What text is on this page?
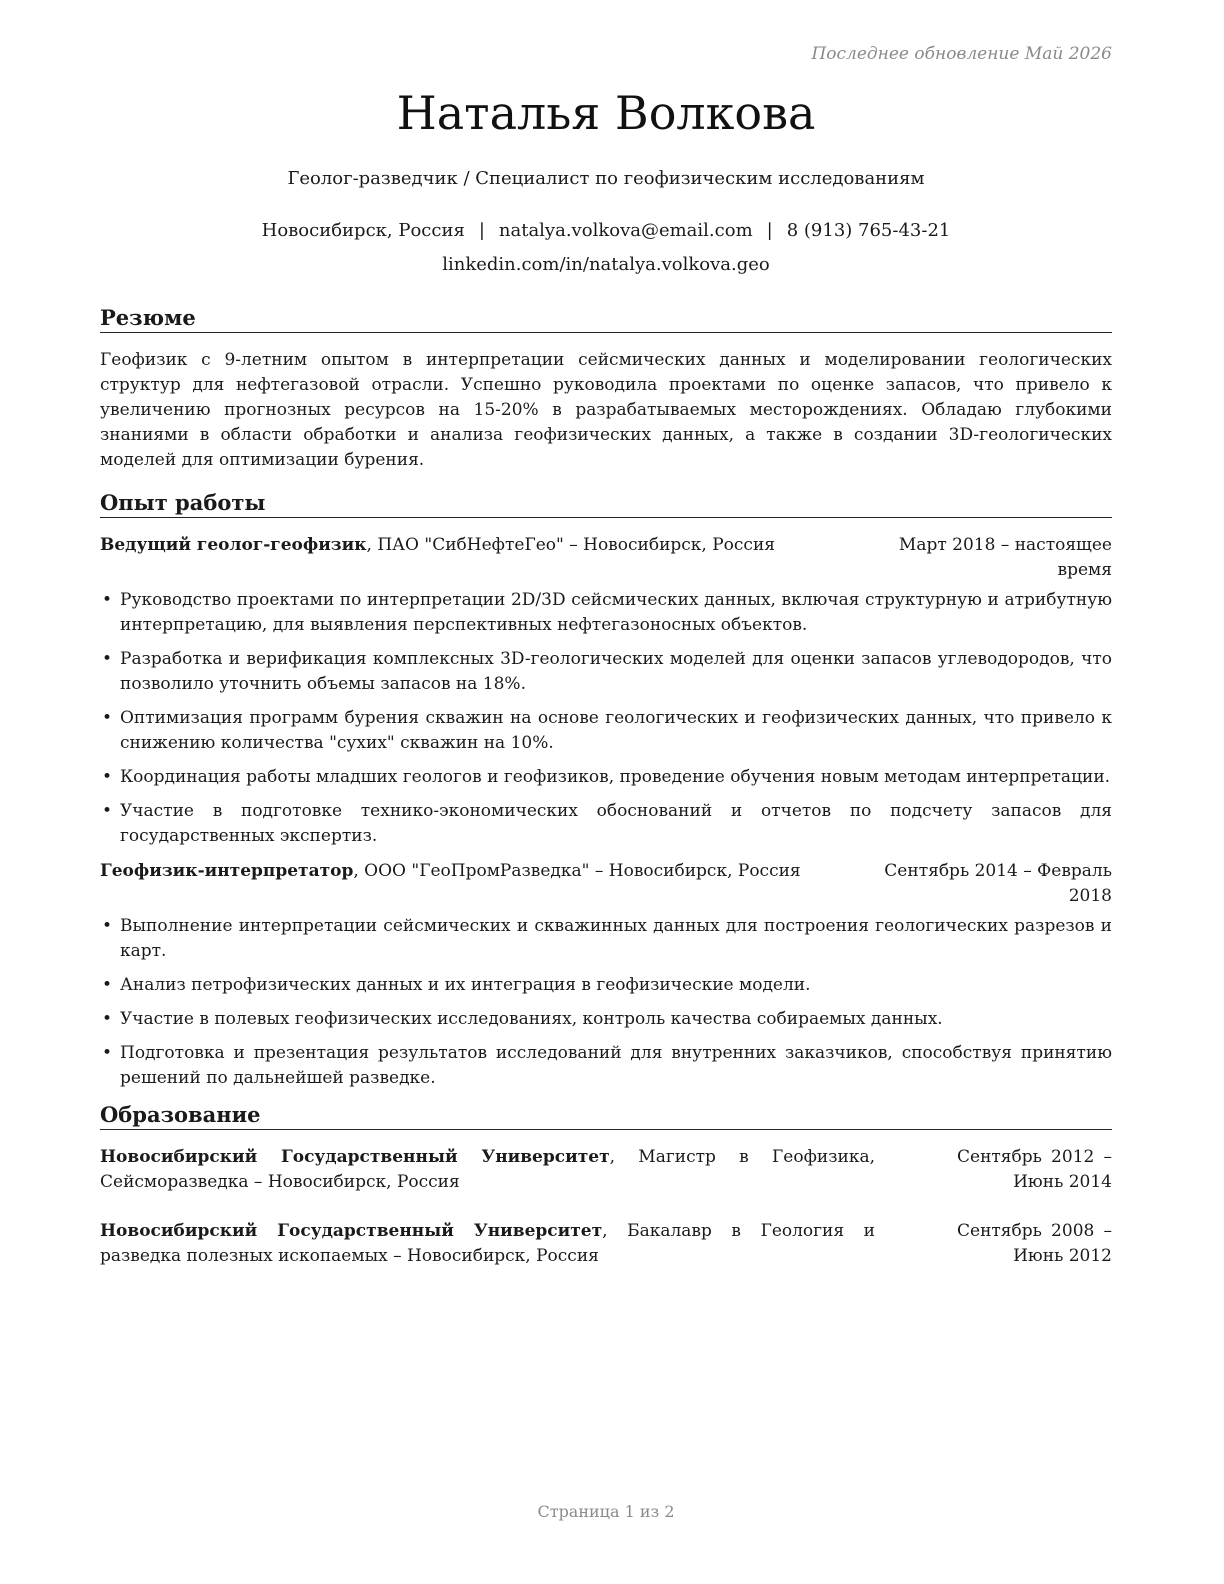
Последнее обновление Май 2026
Наталья Волкова
Геолог-разведчик / Специалист по геофизическим исследованиям
Новосибирск, Россия | natalya.volkova@email.com | 8 (913) 765-43-21
linkedin.com/in/natalya.volkova.geo
Резюме
Геофизик с 9-летним опытом в интерпретации сейсмических данных и моделировании геологических структур для нефтегазовой отрасли. Успешно руководила проектами по оценке запасов, что привело к увеличению прогнозных ресурсов на 15-20% в разрабатываемых месторождениях. Обладаю глубокими знаниями в области обработки и анализа геофизических данных, а также в создании 3D-геологических моделей для оптимизации бурения.
Опыт работы
Ведущий геолог-геофизик, ПАО "СибНефтеГео" – Новосибирск, Россия	Март 2018 – настоящее время
• Руководство проектами по интерпретации 2D/3D сейсмических данных, включая структурную и атрибутную интерпретацию, для выявления перспективных нефтегазоносных объектов.
• Разработка и верификация комплексных 3D-геологических моделей для оценки запасов углеводородов, что позволило уточнить объемы запасов на 18%.
• Оптимизация программ бурения скважин на основе геологических и геофизических данных, что привело к снижению количества "сухих" скважин на 10%.
• Координация работы младших геологов и геофизиков, проведение обучения новым методам интерпретации.
• Участие в подготовке технико-экономических обоснований и отчетов по подсчету запасов для государственных экспертиз.
Геофизик-интерпретатор, ООО "ГеоПромРазведка" – Новосибирск, Россия	Сентябрь 2014 – Февраль 2018
• Выполнение интерпретации сейсмических и скважинных данных для построения геологических разрезов и карт.
• Анализ петрофизических данных и их интеграция в геофизические модели.
• Участие в полевых геофизических исследованиях, контроль качества собираемых данных.
• Подготовка и презентация результатов исследований для внутренних заказчиков, способствуя принятию решений по дальнейшей разведке.
Образование
Новосибирский Государственный Университет, Магистр в Геофизика, Сейсморазведка – Новосибирск, Россия
Сентябрь 2012 – Июнь 2014
Новосибирский Государственный Университет, Бакалавр в Геология и разведка полезных ископаемых – Новосибирск, Россия
Сентябрь 2008 – Июнь 2012
Страница 1 из 2
